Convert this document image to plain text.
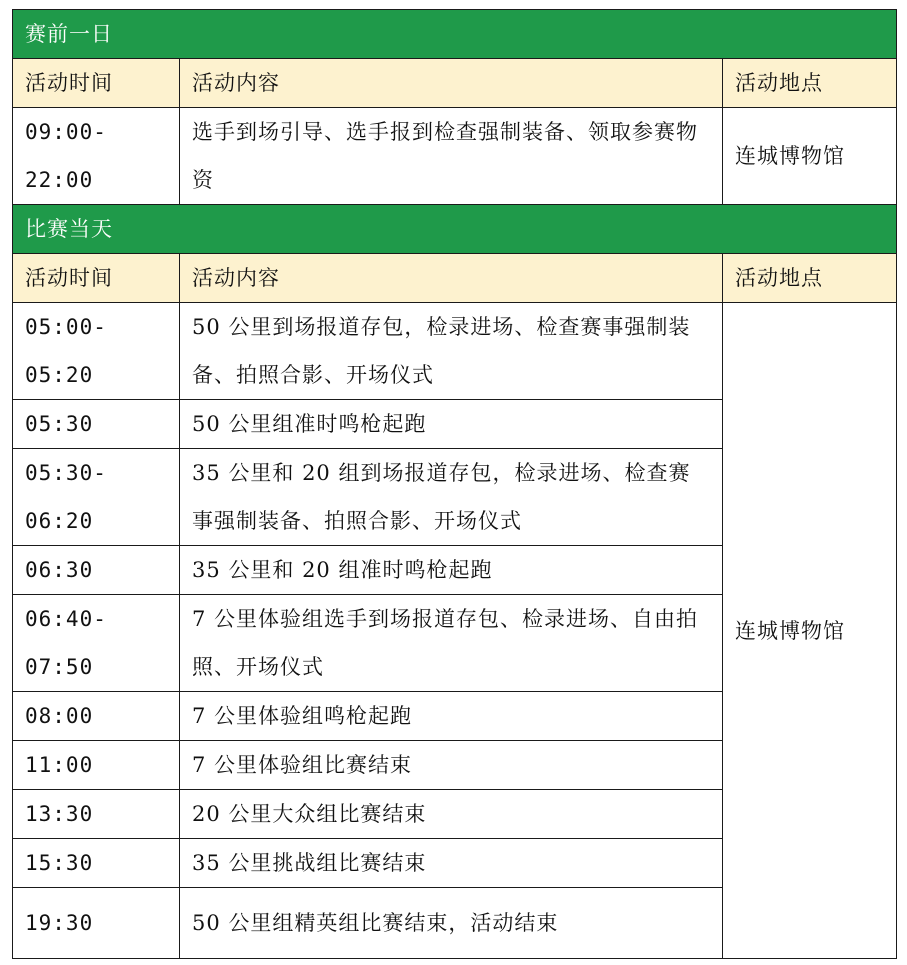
赛前一日		
活动时间	活动内容	活动地点
09:00-22:00	选手到场引导、选手报到检查强制装备、领取参赛物资	连城博物馆
比赛当天		
活动时间	活动内容	活动地点
05:00-05:20	50 公里到场报道存包，检录进场、检查赛事强制装备、拍照合影、开场仪式	连城博物馆
05:30	50 公里组准时鸣枪起跑	
05:30-06:20	35 公里和 20 组到场报道存包，检录进场、检查赛事强制装备、拍照合影、开场仪式	
06:30	35 公里和 20 组准时鸣枪起跑	
06:40-07:50	7 公里体验组选手到场报道存包、检录进场、自由拍照、开场仪式	
08:00	7 公里体验组鸣枪起跑	
11:00	7 公里体验组比赛结束	
13:30	20 公里大众组比赛结束	
15:30	35 公里挑战组比赛结束	
19:30	50 公里组精英组比赛结束，活动结束	
